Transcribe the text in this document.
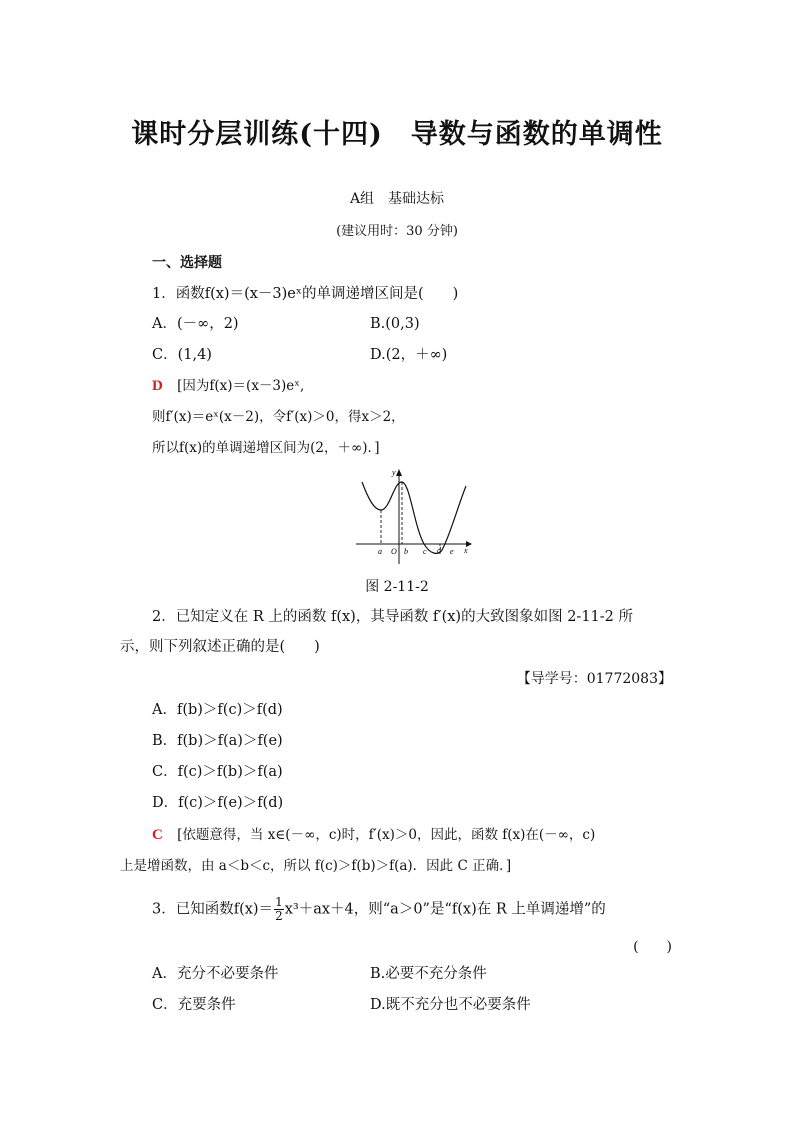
课时分层训练(十四)　导数与函数的单调性
A组　基础达标
(建议用时：30 分钟)
一、选择题
1．函数f(x)＝(x－3)eˣ的单调递增区间是(　　)
A．(－∞，2)	B.(0,3)
C．(1,4)	D.(2，＋∞)
D [因为f(x)＝(x－3)eˣ,
则f′(x)＝eˣ(x－2)，令f′(x)＞0，得x＞2，
所以f(x)的单调递增区间为(2，＋∞)．]
y
x
O
a	b c d e
图 2-11-2
2．已知定义在 R 上的函数 f(x)，其导函数 f′(x)的大致图象如图 2-11-2 所
示，则下列叙述正确的是(　　)
【导学号：01772083】
A．f(b)＞f(c)＞f(d)
B．f(b)＞f(a)＞f(e)
C．f(c)＞f(b)＞f(a)
D．f(c)＞f(e)＞f(d)
C [依题意得，当 x∈(－∞，c)时，f′(x)＞0，因此，函数 f(x)在(－∞，c)
上是增函数，由 a＜b＜c，所以 f(c)＞f(b)＞f(a)．因此 C 正确．]
3．已知函数$f(x)= \frac{1}{2} x^3+ax+4$，则“a＞0”是“f(x)在 R 上单调递增”的
(　　)
A．充分不必要条件	B.必要不充分条件
C．充要条件	D.既不充分也不必要条件
